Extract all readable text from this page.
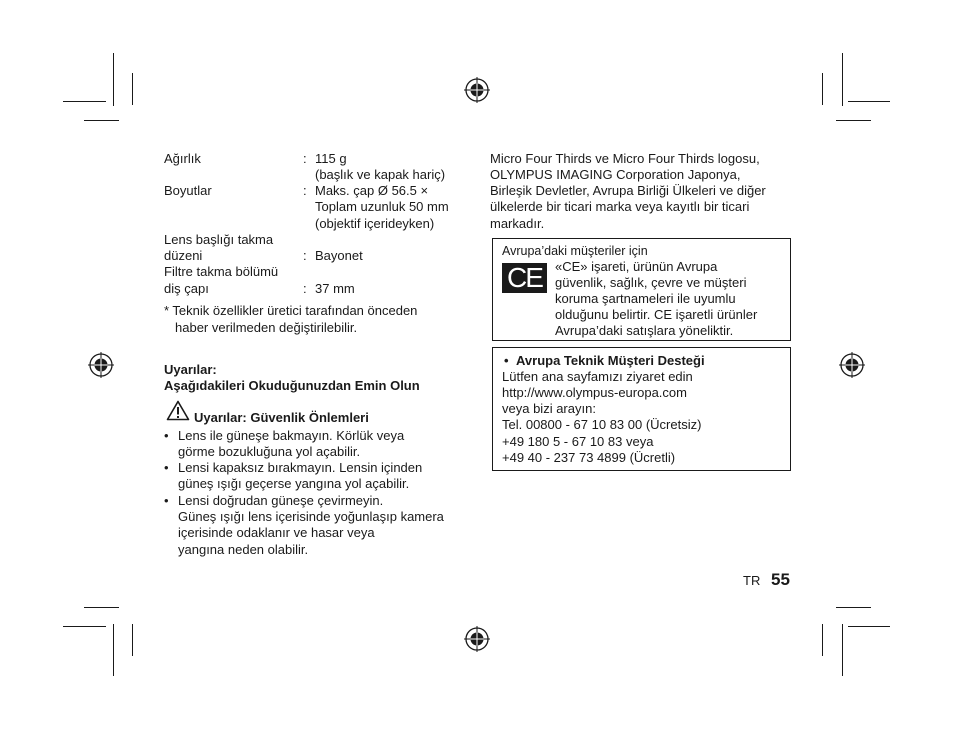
Ağırlık	: 115 g
(başlık ve kapak hariç)
Boyutlar	: Maks. çap Ø 56.5 ×
Toplam uzunluk 50 mm
(objektif içerideyken)
Lens başlığı takma
düzeni	: Bayonet
Filtre takma bölümü
diş çapı	: 37 mm
* Teknik özellikler üretici tarafından önceden
haber verilmeden değiştirilebilir.
Uyarılar:
Aşağıdakileri Okuduğunuzdan Emin Olun
Uyarılar: Güvenlik Önlemleri
• Lens ile güneşe bakmayın. Körlük veya
görme bozukluğuna yol açabilir.
• Lensi kapaksız bırakmayın. Lensin içinden
güneş ışığı geçerse yangına yol açabilir.
• Lensi doğrudan güneşe çevirmeyin.
Güneş ışığı lens içerisinde yoğunlaşıp kamera
içerisinde odaklanır ve hasar veya
yangına neden olabilir.
Micro Four Thirds ve Micro Four Thirds logosu,
OLYMPUS IMAGING Corporation Japonya,
Birleşik Devletler, Avrupa Birliği Ülkeleri ve diğer
ülkelerde bir ticari marka veya kayıtlı bir ticari
markadır.
Avrupa’daki müşteriler için
CE	«CE» işareti, ürünün Avrupa
güvenlik, sağlık, çevre ve müşteri
koruma şartnameleri ile uyumlu
olduğunu belirtir. CE işaretli ürünler
Avrupa’daki satışlara yöneliktir.
• Avrupa Teknik Müşteri Desteği
Lütfen ana sayfamızı ziyaret edin
http://www.olympus-europa.com
veya bizi arayın:
Tel. 00800 - 67 10 83 00 (Ücretsiz)
+49 180 5 - 67 10 83 veya
+49 40 - 237 73 4899 (Ücretli)
TR 55
